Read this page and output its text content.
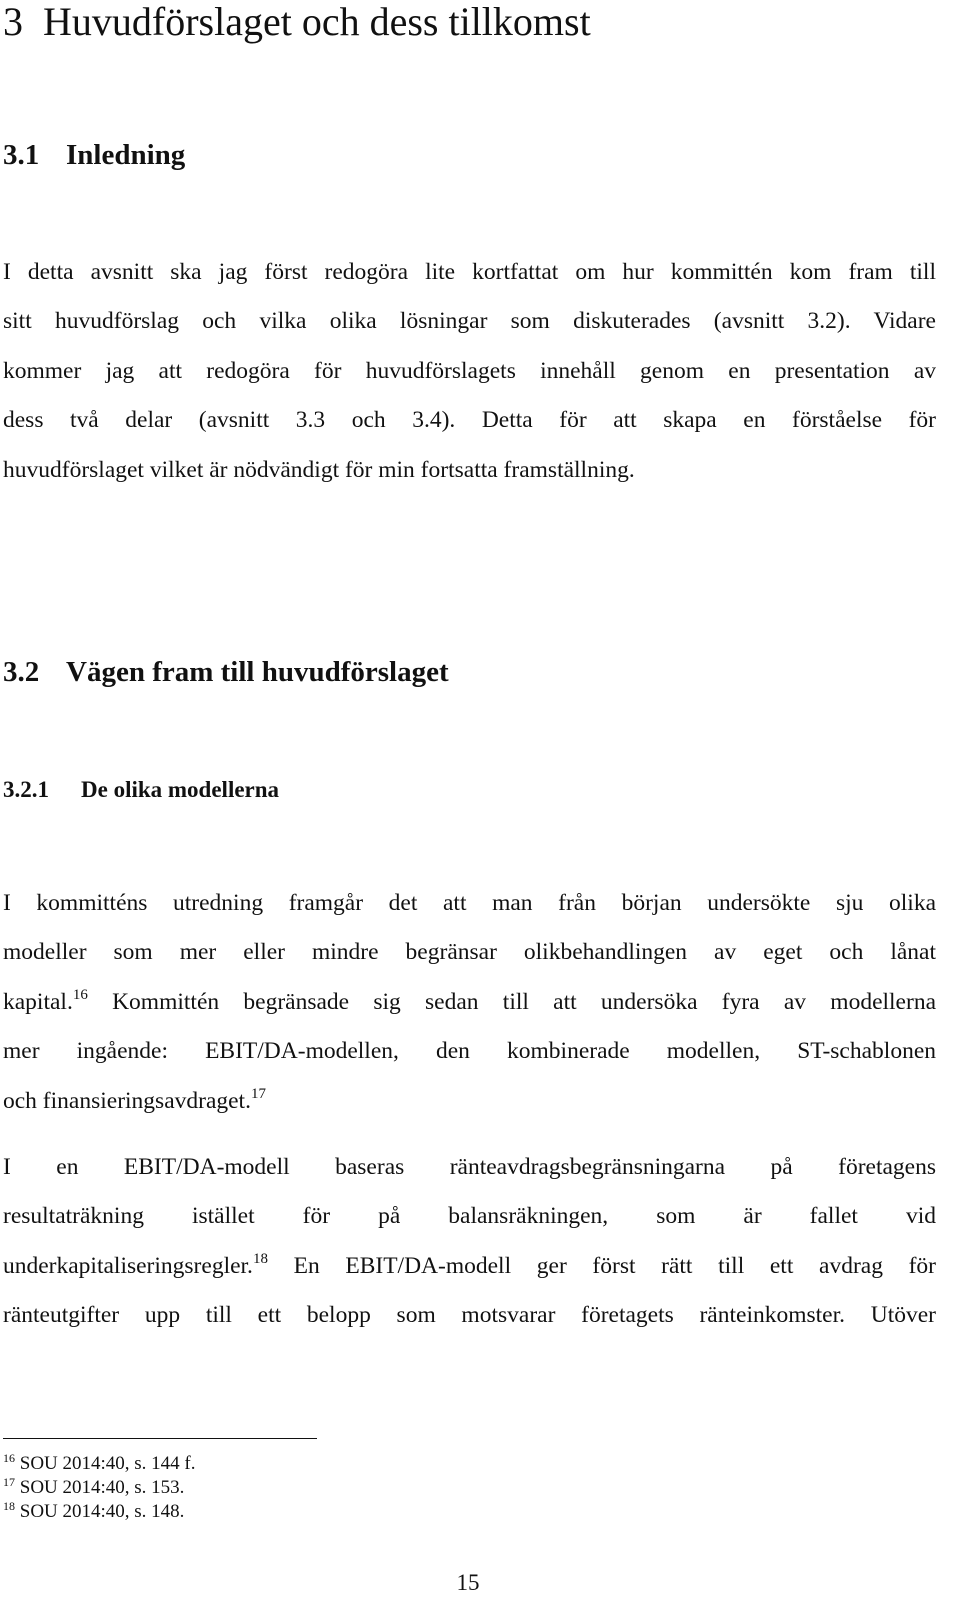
3 Huvudförslaget och dess tillkomst
3.1 Inledning
I detta avsnitt ska jag först redogöra lite kortfattat om hur kommittén kom fram till
sitt huvudförslag och vilka olika lösningar som diskuterades (avsnitt 3.2). Vidare
kommer jag att redogöra för huvudförslagets innehåll genom en presentation av
dess två delar (avsnitt 3.3 och 3.4). Detta för att skapa en förståelse för
huvudförslaget vilket är nödvändigt för min fortsatta framställning.
3.2 Vägen fram till huvudförslaget
3.2.1 De olika modellerna
I kommitténs utredning framgår det att man från början undersökte sju olika
modeller som mer eller mindre begränsar olikbehandlingen av eget och lånat
kapital.$^{16}$ Kommittén begränsade sig sedan till att undersöka fyra av modellerna
mer ingående: EBIT/DA-modellen, den kombinerade modellen, ST-schablonen
och finansieringsavdraget.$^{17}$
I en EBIT/DA-modell baseras ränteavdragsbegränsningarna på företagens
resultaträkning istället för på balansräkningen, som är fallet vid
underkapitaliseringsregler.$^{18}$ En EBIT/DA-modell ger först rätt till ett avdrag för
ränteutgifter upp till ett belopp som motsvarar företagets ränteinkomster. Utöver
$^{16}$ SOU 2014:40, s. 144 f.
$^{17}$ SOU 2014:40, s. 153.
$^{18}$ SOU 2014:40, s. 148.
15
